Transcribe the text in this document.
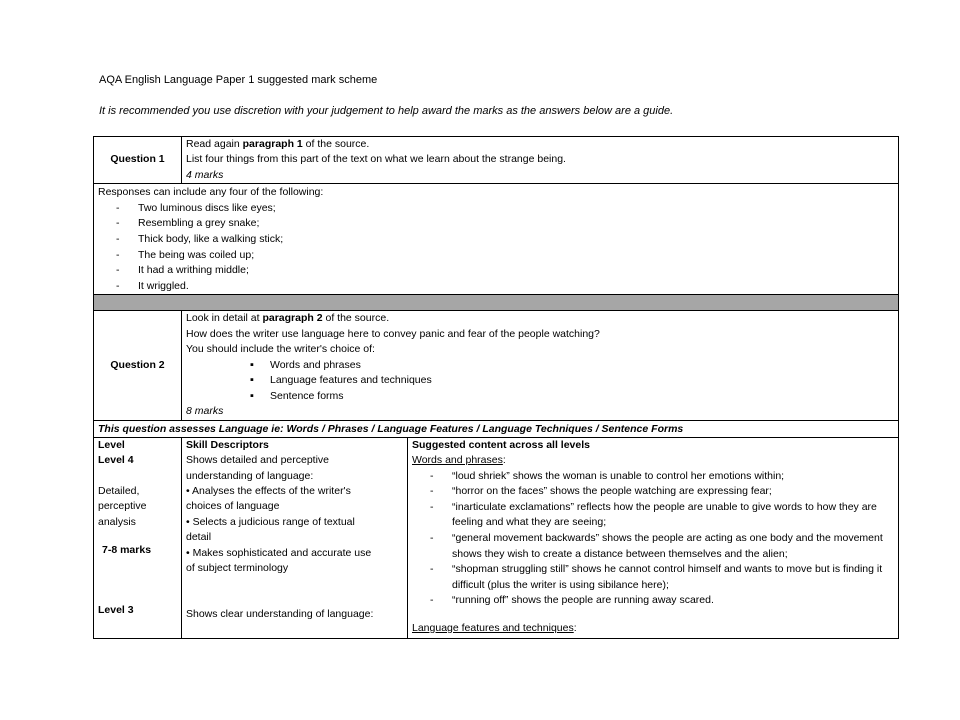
AQA English Language Paper 1 suggested mark scheme
It is recommended you use discretion with your judgement to help award the marks as the answers below are a guide.
Question 1
Read again paragraph 1 of the source.
List four things from this part of the text on what we learn about the strange being.
4 marks
Responses can include any four of the following:
- Two luminous discs like eyes;
- Resembling a grey snake;
- Thick body, like a walking stick;
- The being was coiled up;
- It had a writhing middle;
- It wriggled.
Question 2
Look in detail at paragraph 2 of the source.
How does the writer use language here to convey panic and fear of the people watching?
You should include the writer's choice of:
▪ Words and phrases
▪ Language features and techniques
▪ Sentence forms
8 marks
This question assesses Language ie: Words / Phrases / Language Features / Language Techniques / Sentence Forms
Level
Level 4
Detailed,
perceptive
analysis
7-8 marks
Level 3
Skill Descriptors
Shows detailed and perceptive
understanding of language:
• Analyses the effects of the writer's
choices of language
• Selects a judicious range of textual
detail
• Makes sophisticated and accurate use
of subject terminology
Shows clear understanding of language:
Suggested content across all levels
Words and phrases:
- “loud shriek” shows the woman is unable to control her emotions within;
- “horror on the faces” shows the people watching are expressing fear;
- “inarticulate exclamations” reflects how the people are unable to give words to how they are feeling and what they are seeing;
- “general movement backwards” shows the people are acting as one body and the movement shows they wish to create a distance between themselves and the alien;
- “shopman struggling still” shows he cannot control himself and wants to move but is finding it difficult (plus the writer is using sibilance here);
- “running off” shows the people are running away scared.
Language features and techniques:
